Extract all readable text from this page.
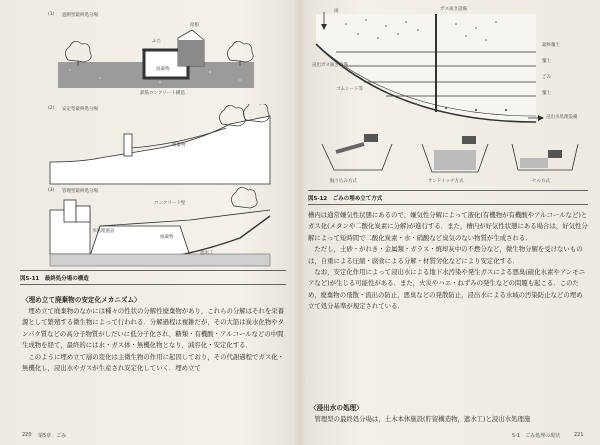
(1) 遮断型最終処分場
ふた
屋根
廃棄物
鉄筋コンクリート構造
(2) 安定型最終処分場
廃棄物
(3) 管理型最終処分場
コンクリート壁
水処理施設
廃棄物
遮水工
図5-11　最終処分場の構造
〈埋め立て廃棄物の安定化メカニズム〉

埋め立て廃棄物のなかには種々の性状の分解性廃棄物があり，これらの分解はそれを栄養源として繁殖する微生物によって行われる．分解過程は複雑だが，その大筋は炭水化物やタンパク質などの高分子物質がしだいに低分子化され，糖類・有機酸・アルコールなどの中間生成物を経て，最終的には水・ガス体・無機化物となり，減容化・安定化する．

このように埋め立て層の変化は主微生物の作用に起因しており，その代謝過程でガス化・無機化し，浸出水やガスが生産され安定化していく．埋め立て

220 第5章　ごみ
雨	ガス抜き設備
最終覆土
覆土
ごみ
覆土
浸出ガス抜き設備
ゴムシート等
浸出水処理設備
掘り込み方式	サンドイッチ方式	セル方式
図5-12　ごみの埋め立て方式

槽内は通常嫌気性状態にあるので，嫌気性分解によって液化(有機物が有機酸やアルコールなど)とガス化(メタンや二酸化炭素に分解)が進行する．また，槽内が好気性状態にある場合は，好気性分解によって短時間で二酸化炭素・水・硝酸など臭気のない物質が生成される．

ただし，土砂・がれき・金属類・ガラス・焼却灰中の不燃分など，微生物分解を受けないものは，自重による圧縮・腐食による分解・材質劣化などにより安定化する．

なお，安定化作用によって浸出水による地下水汚染や発生ガスによる悪臭(硫化水素やアンモニアなど)が生じる可能性がある．また，火災やハエ・ねずみの発生などの問題も起こる．このため，廃棄物の飛散・流出の防止，悪臭などの発散防止，浸出水による水域の汚染防止などの埋め立て処分基準が規定されている．

〈浸出水の処理〉

管理型の最終処分場は，土木本体施設(貯留構造物，遮水工)と浸出水処理施

5-1　ごみ処理の現状	221
